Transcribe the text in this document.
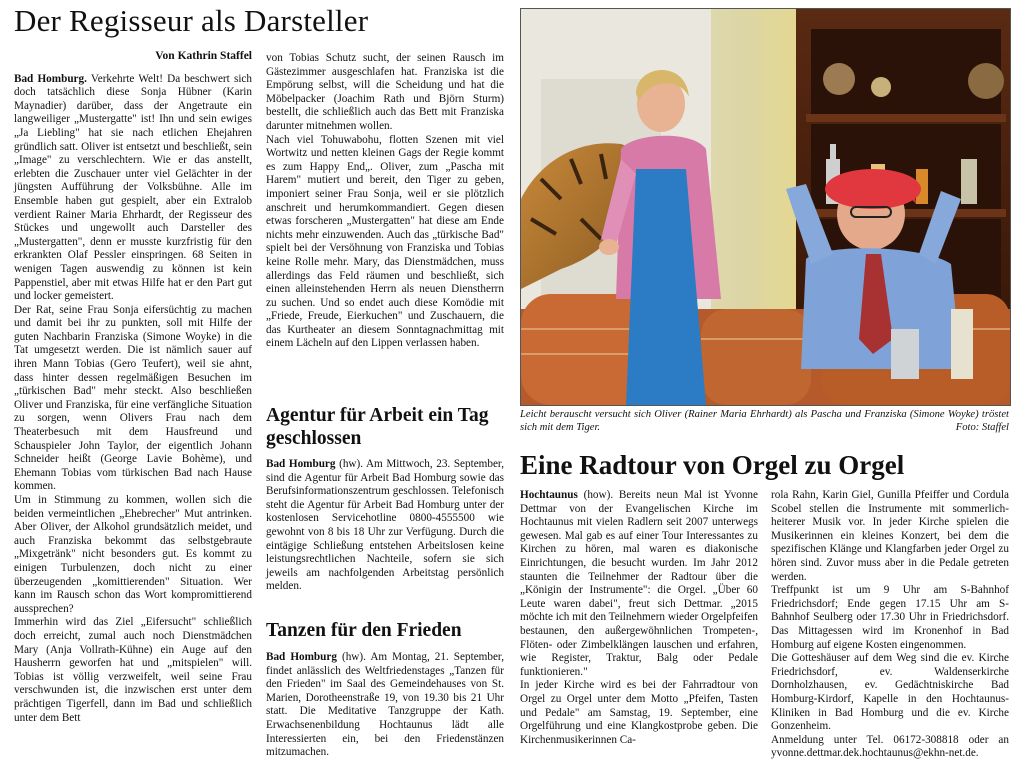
Der Regisseur als Darsteller
Von Kathrin Staffel

Bad Homburg. Verkehrte Welt! Da beschwert sich doch tatsächlich diese Sonja Hübner (Karin Maynadier) darüber, dass der Angetraute ein langweiliger „Mustergatte" ist! Ihn und sein ewiges „Ja Liebling" hat sie nach etlichen Ehejahren gründlich satt. Oliver ist entsetzt und beschließt, sein „Image" zu verschlechtern. Wie er das anstellt, erlebten die Zuschauer unter viel Gelächter in der jüngsten Aufführung der Volksbühne. Alle im Ensemble haben gut gespielt, aber ein Extralob verdient Rainer Maria Ehrhardt, der Regisseur des Stückes und ungewollt auch Darsteller des „Mustergatten", denn er musste kurzfristig für den erkrankten Olaf Pessler einspringen. 68 Seiten in wenigen Tagen auswendig zu können ist kein Pappenstiel, aber mit etwas Hilfe hat er den Part gut und locker gemeistert.

Der Rat, seine Frau Sonja eifersüchtig zu machen und damit bei ihr zu punkten, soll mit Hilfe der guten Nachbarin Franziska (Simone Woyke) in die Tat umgesetzt werden. Die ist nämlich sauer auf ihren Mann Tobias (Gero Teufert), weil sie ahnt, dass hinter dessen regelmäßigen Besuchen im „türkischen Bad" mehr steckt. Also beschließen Oliver und Franziska, für eine verfängliche Situation zu sorgen, wenn Olivers Frau nach dem Theaterbesuch mit dem Hausfreund und Schauspieler John Taylor, der eigentlich Johann Schneider heißt (George Lavie Bohème), und Ehemann Tobias vom türkischen Bad nach Hause kommen.

Um in Stimmung zu kommen, wollen sich die beiden vermeintlichen „Ehebrecher" Mut antrinken. Aber Oliver, der Alkohol grundsätzlich meidet, und auch Franziska bekommt das selbstgebraute „Mixgetränk" nicht besonders gut. Es kommt zu einigen Turbulenzen, doch nicht zu einer überzeugenden „komittierenden" Situation. Wer kann im Rausch schon das Wort kompromittierend aussprechen?

Immerhin wird das Ziel „Eifersucht" schließlich doch erreicht, zumal auch noch Dienstmädchen Mary (Anja Vollrath-Kühne) ein Auge auf den Hausherrn geworfen hat und „mitspielen" will. Tobias ist völlig verzweifelt, weil seine Frau verschwunden ist, die inzwischen erst unter dem prächtigen Tigerfell, dann im Bad und schließlich unter dem Bett

von Tobias Schutz sucht, der seinen Rausch im Gästezimmer ausgeschlafen hat. Franziska ist die Empörung selbst, will die Scheidung und hat die Möbelpacker (Joachim Rath und Björn Sturm) bestellt, die schließlich auch das Bett mit Franziska darunter mitnehmen wollen.

Nach viel Tohuwabohu, flotten Szenen mit viel Wortwitz und netten kleinen Gags der Regie kommt es zum Happy End„. Oliver, zum „Pascha mit Harem" mutiert und bereit, den Tiger zu geben, imponiert seiner Frau Sonja, weil er sie plötzlich anschreit und herumkommandiert. Gegen diesen etwas forscheren „Mustergatten" hat diese am Ende nichts mehr einzuwenden. Auch das „türkische Bad" spielt bei der Versöhnung von Franziska und Tobias keine Rolle mehr. Mary, das Dienstmädchen, muss allerdings das Feld räumen und beschließt, sich einen alleinstehenden Herrn als neuen Dienstherrn zu suchen. Und so endet auch diese Komödie mit „Friede, Freude, Eierkuchen" und Zuschauern, die das Kurtheater an diesem Sonntagnachmittag mit einem Lächeln auf den Lippen verlassen haben.

Agentur für Arbeit ein Tag geschlossen

Bad Homburg (hw). Am Mittwoch, 23. September, sind die Agentur für Arbeit Bad Homburg sowie das Berufsinformationszentrum geschlossen. Telefonisch steht die Agentur für Arbeit Bad Homburg unter der kostenlosen Servicehotline 0800-4555500 wie gewohnt von 8 bis 18 Uhr zur Verfügung. Durch die eintägige Schließung entstehen Arbeitslosen keine leistungsrechtlichen Nachteile, sofern sie sich jeweils am nachfolgenden Arbeitstag persönlich melden.

Tanzen für den Frieden

Bad Homburg (hw). Am Montag, 21. September, findet anlässlich des Weltfriedenstages „Tanzen für den Frieden" im Saal des Gemeindehauses von St. Marien, Dorotheenstraße 19, von 19.30 bis 21 Uhr statt. Die Meditative Tanzgruppe der Kath. Erwachsenenbildung Hochtaunus lädt alle Interessierten ein, bei den Friedenstänzen mitzumachen.

Leicht berauscht versucht sich Oliver (Rainer Maria Ehrhardt) als Pascha und Franziska (Simone Woyke) tröstet sich mit dem Tiger.	Foto: Staffel
Eine Radtour von Orgel zu Orgel

Hochtaunus (how). Bereits neun Mal ist Yvonne Dettmar von der Evangelischen Kirche im Hochtaunus mit vielen Radlern seit 2007 unterwegs gewesen. Mal gab es auf einer Tour Interessantes zu Kirchen zu hören, mal waren es diakonische Einrichtungen, die besucht wurden. Im Jahr 2012 staunten die Teilnehmer der Radtour über die „Königin der Instrumente": die Orgel. „Über 60 Leute waren dabei", freut sich Dettmar. „2015 möchte ich mit den Teilnehmern wieder Orgelpfeifen bestaunen, den außergewöhnlichen Trompeten-, Flöten- oder Zimbelklängen lauschen und erfahren, wie Register, Traktur, Balg oder Pedale funktionieren."

In jeder Kirche wird es bei der Fahrradtour von Orgel zu Orgel unter dem Motto „Pfeifen, Tasten und Pedale" am Samstag, 19. September, eine Orgelführung und eine Klangkostprobe geben. Die Kirchenmusikerinnen Ca-

rola Rahn, Karin Giel, Gunilla Pfeiffer und Cordula Scobel stellen die Instrumente mit sommerlich-heiterer Musik vor. In jeder Kirche spielen die Musikerinnen ein kleines Konzert, bei dem die spezifischen Klänge und Klangfarben jeder Orgel zu hören sind. Zuvor muss aber in die Pedale getreten werden.

Treffpunkt ist um 9 Uhr am S-Bahnhof Friedrichsdorf; Ende gegen 17.15 Uhr am S-Bahnhof Seulberg oder 17.30 Uhr in Friedrichsdorf. Das Mittagessen wird im Kronenhof in Bad Homburg auf eigene Kosten eingenommen.

Die Gotteshäuser auf dem Weg sind die ev. Kirche Friedrichsdorf, ev. Waldenserkirche Dornholzhausen, ev. Gedächtniskirche Bad Homburg-Kirdorf, Kapelle in den Hochtaunus-Kliniken in Bad Homburg und die ev. Kirche Gonzenheim.

Anmeldung unter Tel. 06172-308818 oder an yvonne.dettmar.dek.hochtaunus@ekhn-net.de.
